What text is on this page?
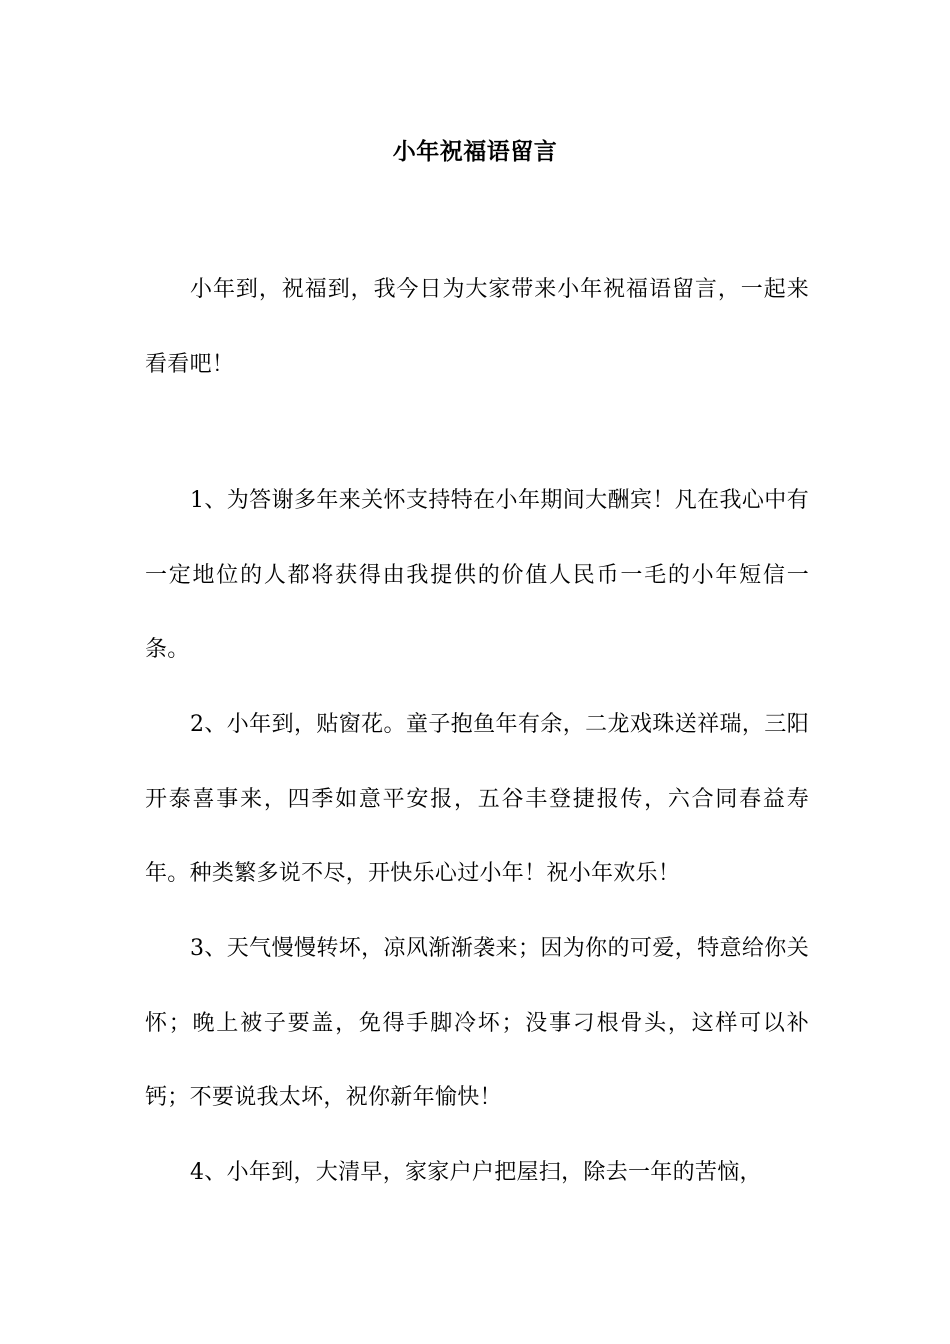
小年祝福语留言

小年到，祝福到，我今日为大家带来小年祝福语留言，一起来看看吧！

1、为答谢多年来关怀支持特在小年期间大酬宾！凡在我心中有一定地位的人都将获得由我提供的价值人民币一毛的小年短信一条。

2、小年到，贴窗花。童子抱鱼年有余，二龙戏珠送祥瑞，三阳开泰喜事来，四季如意平安报，五谷丰登捷报传，六合同春益寿年。种类繁多说不尽，开快乐心过小年！祝小年欢乐！

3、天气慢慢转坏，凉风渐渐袭来；因为你的可爱，特意给你关怀；晚上被子要盖，免得手脚冷坏；没事刁根骨头，这样可以补钙；不要说我太坏，祝你新年愉快！

4、小年到，大清早，家家户户把屋扫，除去一年的苦恼，
